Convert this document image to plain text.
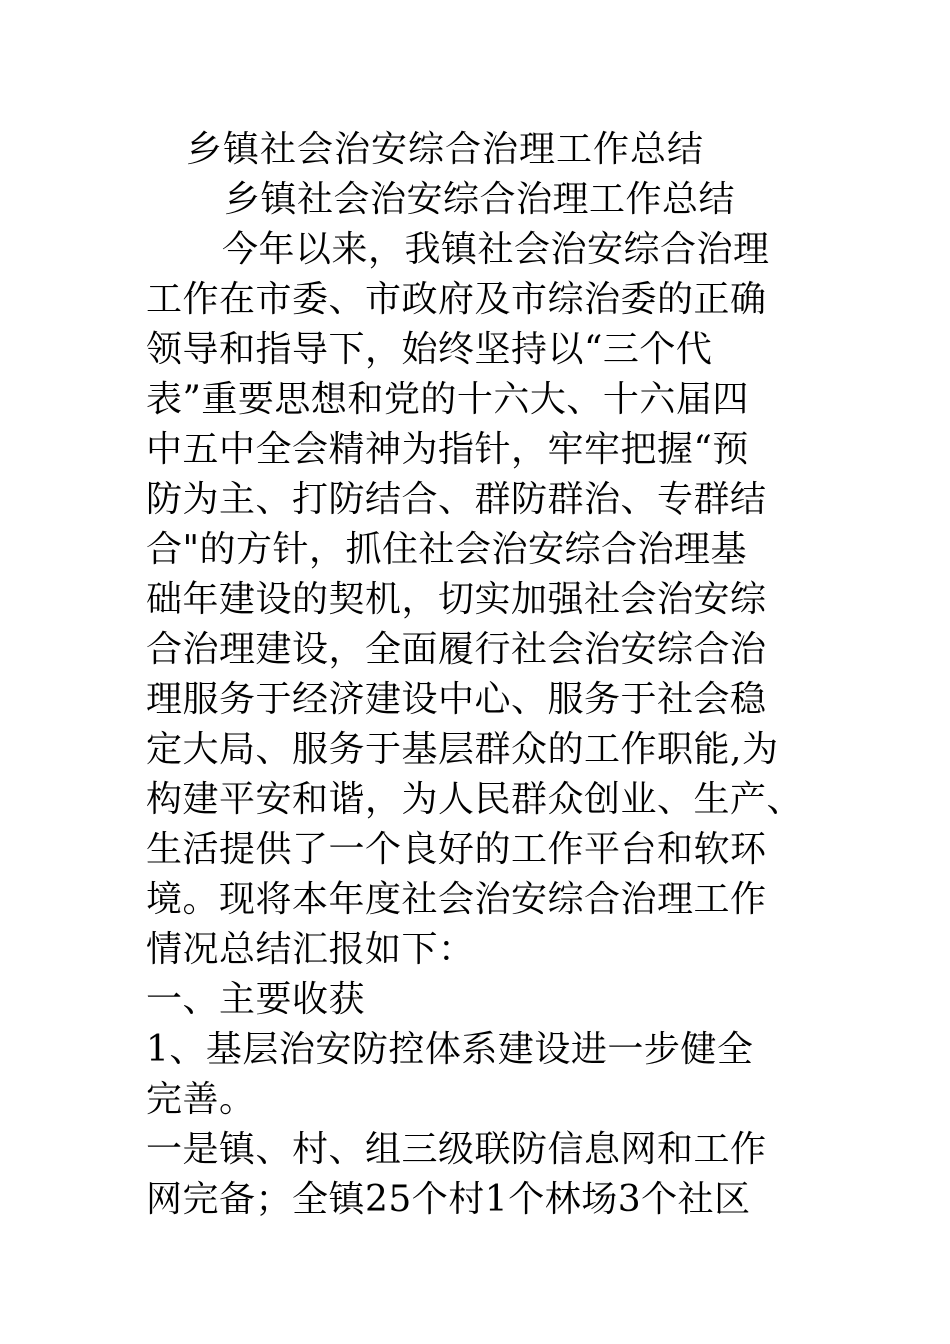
乡镇社会治安综合治理工作总结
乡镇社会治安综合治理工作总结
今年以来，我镇社会治安综合治理
工作在市委、市政府及市综治委的正确
领导和指导下，始终坚持以“三个代
表”重要思想和党的十六大、十六届四
中五中全会精神为指针，牢牢把握“预
防为主、打防结合、群防群治、专群结
合"的方针，抓住社会治安综合治理基
础年建设的契机，切实加强社会治安综
合治理建设，全面履行社会治安综合治
理服务于经济建设中心、服务于社会稳
定大局、服务于基层群众的工作职能,为
构建平安和谐，为人民群众创业、生产、
生活提供了一个良好的工作平台和软环
境。现将本年度社会治安综合治理工作
情况总结汇报如下：
一、主要收获
1、基层治安防控体系建设进一步健全
完善。
一是镇、村、组三级联防信息网和工作
网完备；全镇25个村1个林场3个社区
